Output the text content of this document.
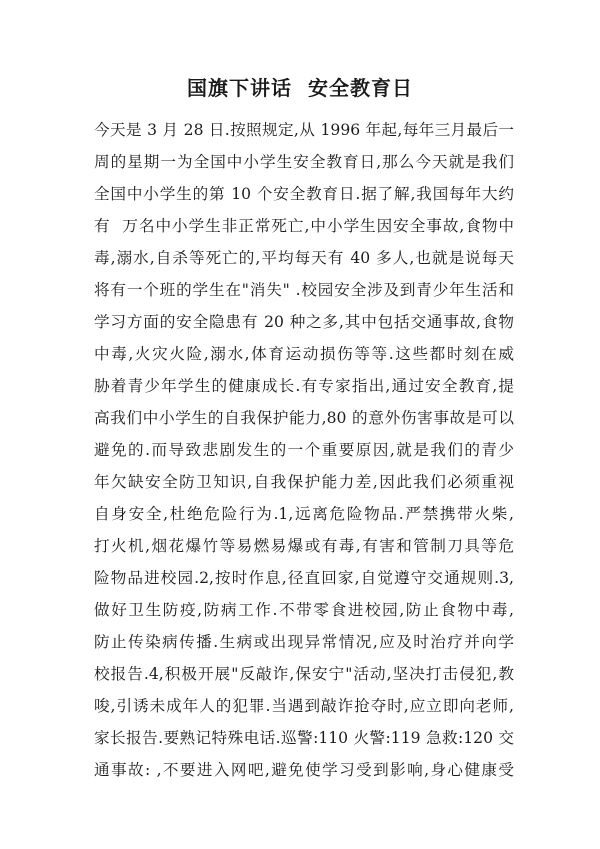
国旗下讲话  安全教育日
今天是 3 月 28 日.按照规定,从 1996 年起,每年三月最后一
周的星期一为全国中小学生安全教育日,那么今天就是我们
全国中小学生的第 10 个安全教育日.据了解,我国每年大约
有  万名中小学生非正常死亡,中小学生因安全事故,食物中
毒,溺水,自杀等死亡的,平均每天有 40 多人,也就是说每天
将有一个班的学生在"消失" .校园安全涉及到青少年生活和
学习方面的安全隐患有 20 种之多,其中包括交通事故,食物
中毒,火灾火险,溺水,体育运动损伤等等.这些都时刻在威
胁着青少年学生的健康成长.有专家指出,通过安全教育,提
高我们中小学生的自我保护能力,80 的意外伤害事故是可以
避免的.而导致悲剧发生的一个重要原因,就是我们的青少
年欠缺安全防卫知识,自我保护能力差,因此我们必须重视
自身安全,杜绝危险行为.1,远离危险物品.严禁携带火柴,
打火机,烟花爆竹等易燃易爆或有毒,有害和管制刀具等危
险物品进校园.2,按时作息,径直回家,自觉遵守交通规则.3,
做好卫生防疫,防病工作.不带零食进校园,防止食物中毒,
防止传染病传播.生病或出现异常情况,应及时治疗并向学
校报告.4,积极开展"反敲诈,保安宁"活动,坚决打击侵犯,教
唆,引诱未成年人的犯罪.当遇到敲诈抢夺时,应立即向老师,
家长报告.要熟记特殊电话.巡警:110 火警:119 急救:120 交
通事故: ,不要进入网吧,避免使学习受到影响,身心健康受
